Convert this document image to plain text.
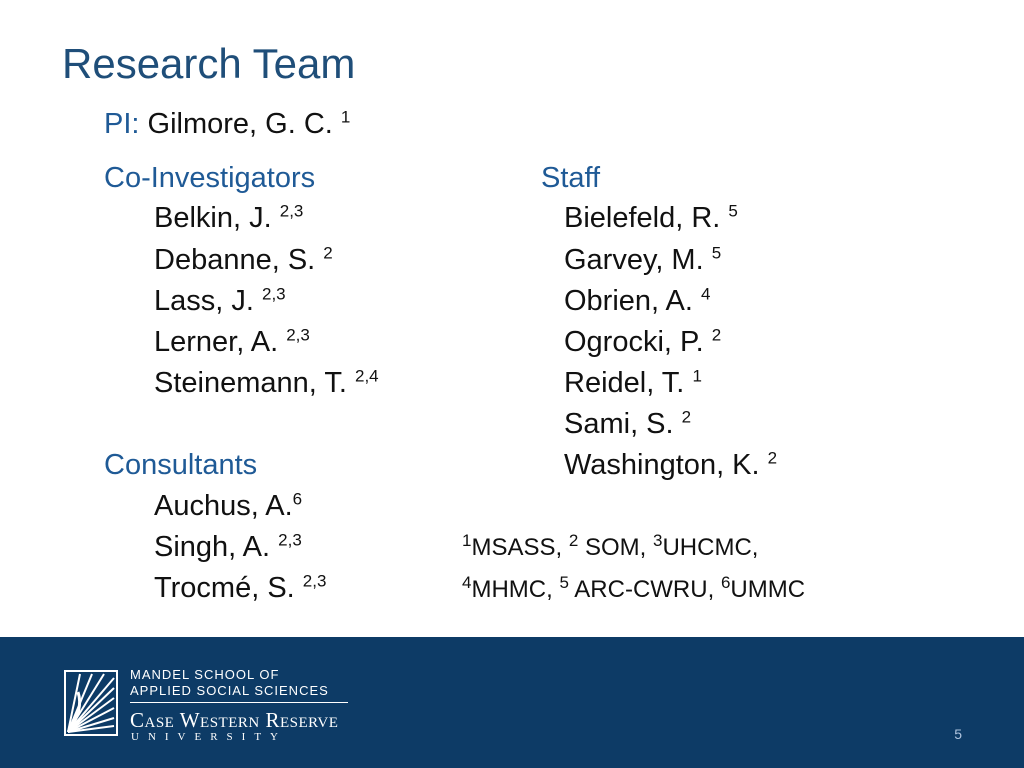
Research Team
PI: Gilmore, G. C. $^1$
Co-Investigators
Belkin, J. $^{2,3}$
Debanne, S. $^2$
Lass, J. $^{2,3}$
Lerner, A. $^{2,3}$
Steinemann, T. $^{2,4}$
Consultants
Auchus, A.$^6$
Singh, A. $^{2,3}$
Trocmé, S. $^{2,3}$
Staff
Bielefeld, R. $^5$
Garvey, M. $^5$
Obrien, A. $^4$
Ogrocki, P. $^2$
Reidel, T. $^1$
Sami, S. $^2$
Washington, K. $^2$
$^1$MSASS, $^2$ SOM, $^3$UHCMC,
$^4$MHMC, $^5$ ARC-CWRU, $^6$UMMC
MANDEL SCHOOL OF
APPLIED SOCIAL SCIENCES
Case Western Reserve
UNIVERSITY	5
